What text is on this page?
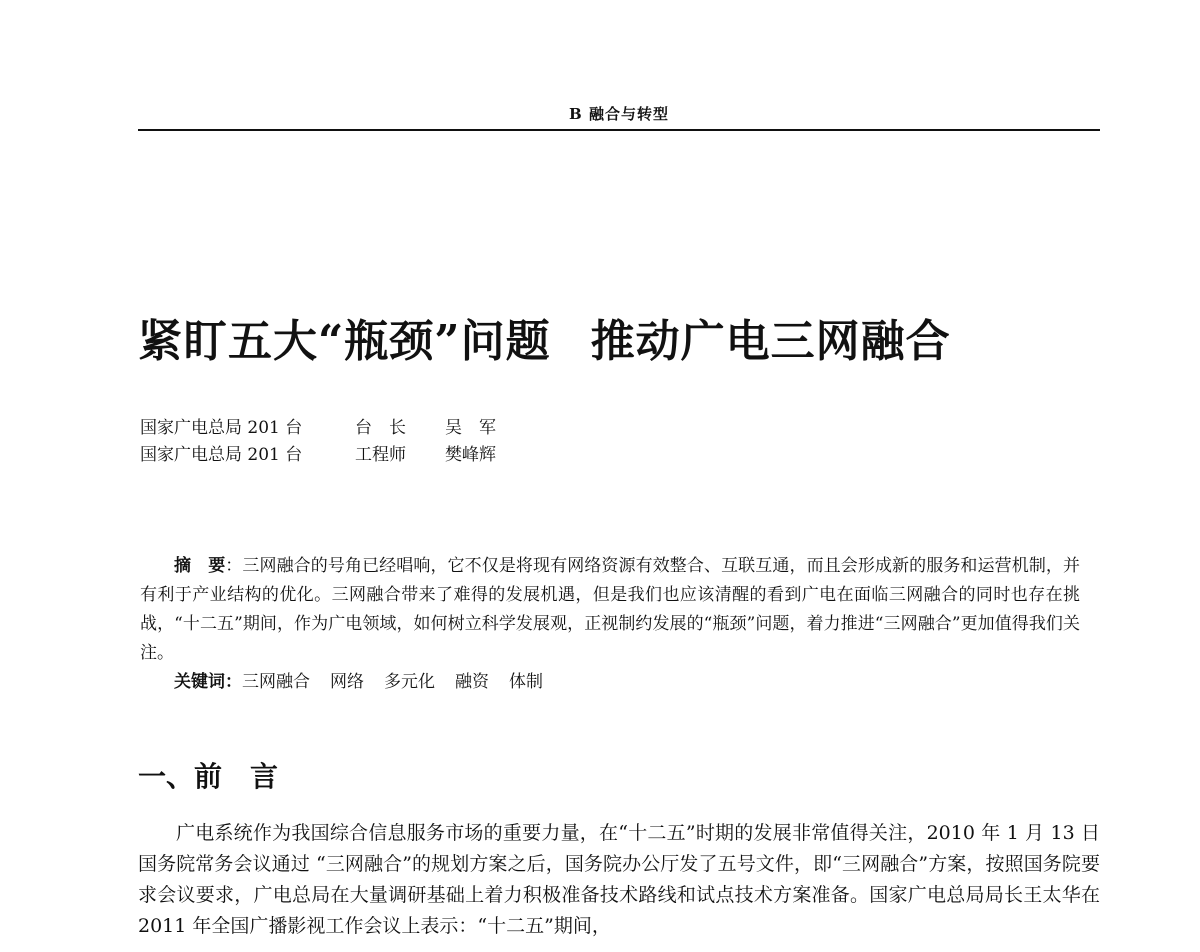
B 融合与转型
紧盯五大“瓶颈”问题 推动广电三网融合
国家广电总局 201 台	台　长 吴　军
国家广电总局 201 台	工程师 樊峰辉

摘　要：三网融合的号角已经唱响，它不仅是将现有网络资源有效整合、互联互通，而且会形成新的服务和运营机制，并有利于产业结构的优化。三网融合带来了难得的发展机遇，但是我们也应该清醒的看到广电在面临三网融合的同时也存在挑战，“十二五”期间，作为广电领域，如何树立科学发展观，正视制约发展的“瓶颈”问题，着力推进“三网融合”更加值得我们关注。

关键词：三网融合 网络 多元化 融资 体制
一、前　言

广电系统作为我国综合信息服务市场的重要力量，在“十二五”时期的发展非常值得关注，2010 年 1 月 13 日国务院常务会议通过 “三网融合”的规划方案之后，国务院办公厅发了五号文件，即“三网融合”方案，按照国务院要求会议要求，广电总局在大量调研基础上着力积极准备技术路线和试点技术方案准备。国家广电总局局长王太华在 2011 年全国广播影视工作会议上表示：“十二五”期间，
